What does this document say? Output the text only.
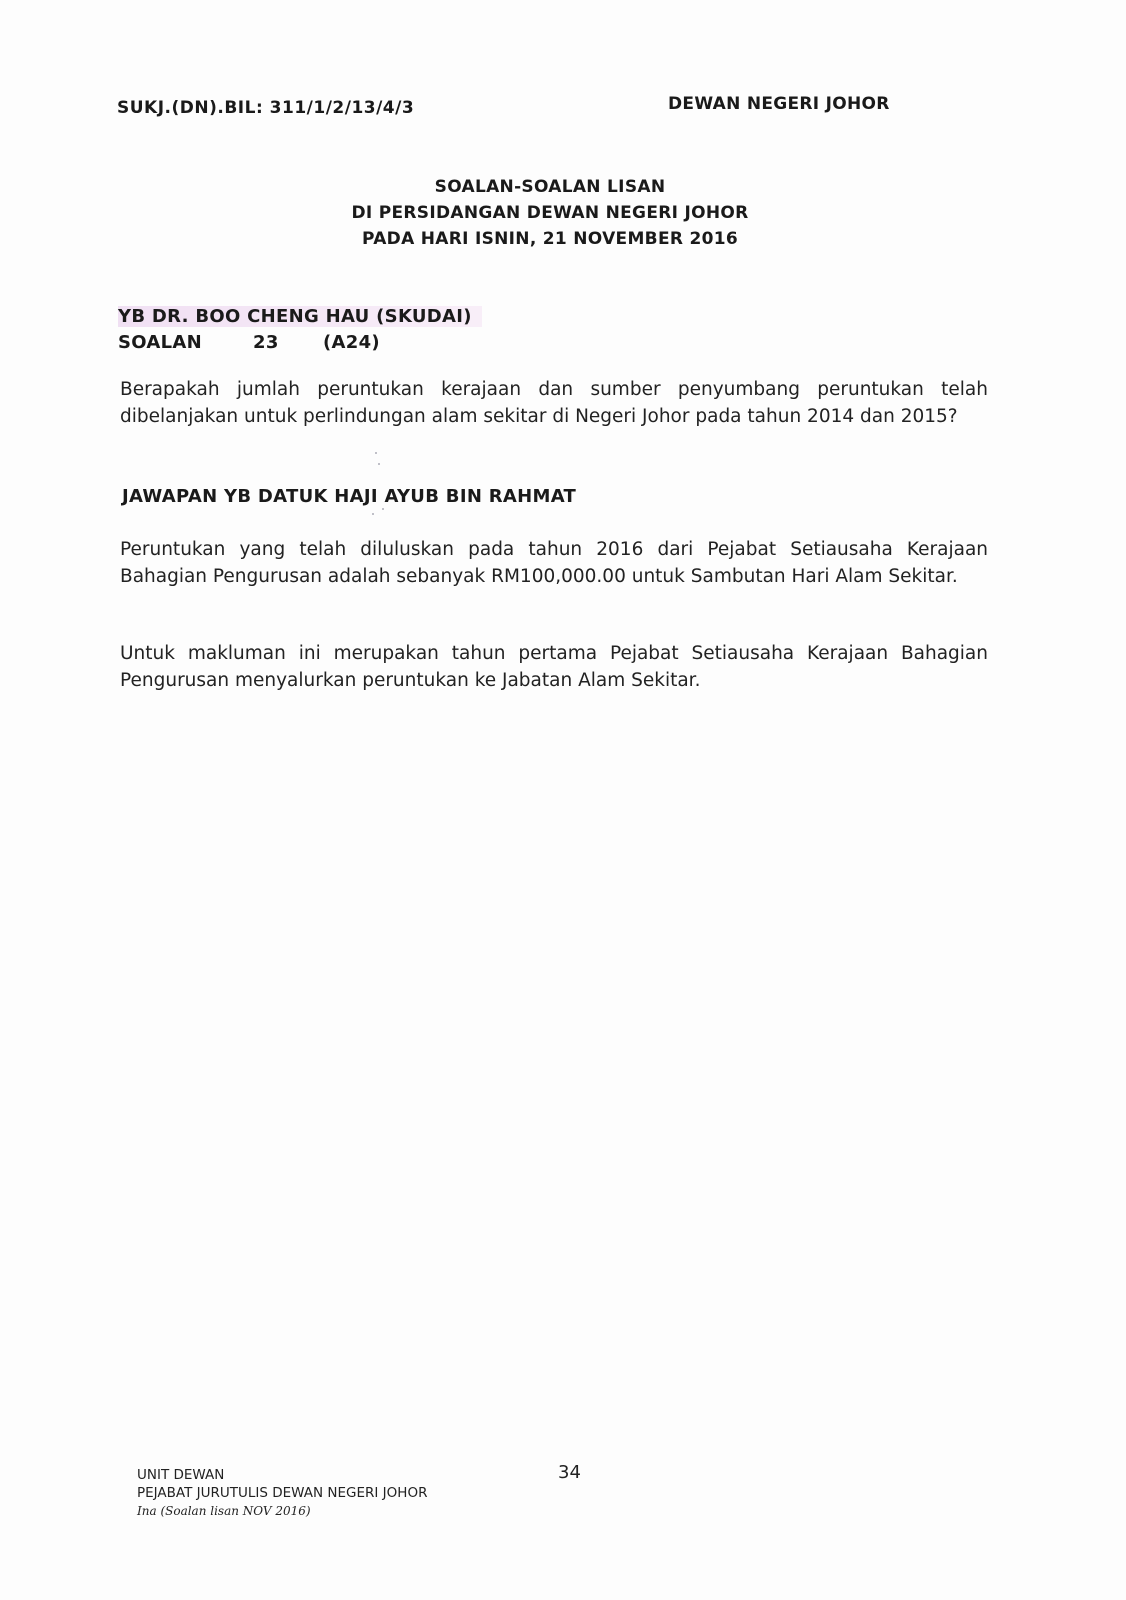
SUKJ.(DN).BIL: 311/1/2/13/4/3	DEWAN NEGERI JOHOR
SOALAN-SOALAN LISAN
DI PERSIDANGAN DEWAN NEGERI JOHOR
PADA HARI ISNIN, 21 NOVEMBER 2016
YB DR. BOO CHENG HAU (SKUDAI)
SOALAN	23	(A24)
Berapakah jumlah peruntukan kerajaan dan sumber penyumbang peruntukan telah dibelanjakan untuk perlindungan alam sekitar di Negeri Johor pada tahun 2014 dan 2015?
JAWAPAN YB DATUK HAJI AYUB BIN RAHMAT
Peruntukan yang telah diluluskan pada tahun 2016 dari Pejabat Setiausaha Kerajaan Bahagian Pengurusan adalah sebanyak RM100,000.00 untuk Sambutan Hari Alam Sekitar.
Untuk makluman ini merupakan tahun pertama Pejabat Setiausaha Kerajaan Bahagian Pengurusan menyalurkan peruntukan ke Jabatan Alam Sekitar.
UNIT DEWAN
PEJABAT JURUTULIS DEWAN NEGERI JOHOR
Ina (Soalan lisan NOV 2016)
34
